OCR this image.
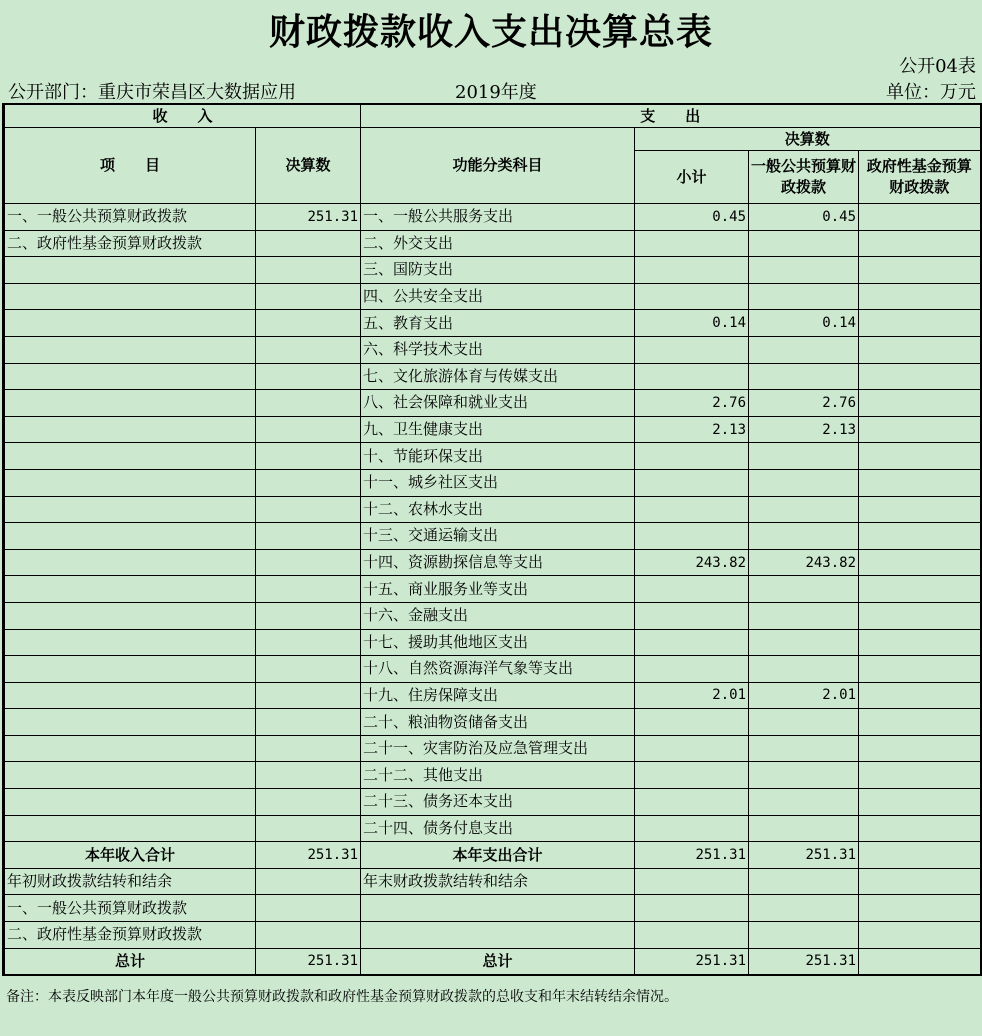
财政拨款收入支出决算总表
公开04表
公开部门：重庆市荣昌区大数据应用	2019年度	单位：万元
收　　入		支　　出			
项　　目	决算数	功能分类科目	决算数		
			小计	一般公共预算财政拨款	政府性基金预算财政拨款
一、一般公共预算财政拨款	251.31	一、一般公共服务支出	0.45	0.45	
二、政府性基金预算财政拨款		二、外交支出			
		三、国防支出			
		四、公共安全支出			
		五、教育支出	0.14	0.14	
		六、科学技术支出			
		七、文化旅游体育与传媒支出			
		八、社会保障和就业支出	2.76	2.76	
		九、卫生健康支出	2.13	2.13	
		十、节能环保支出			
		十一、城乡社区支出			
		十二、农林水支出			
		十三、交通运输支出			
		十四、资源勘探信息等支出	243.82	243.82	
		十五、商业服务业等支出			
		十六、金融支出			
		十七、援助其他地区支出			
		十八、自然资源海洋气象等支出			
		十九、住房保障支出	2.01	2.01	
		二十、粮油物资储备支出			
		二十一、灾害防治及应急管理支出			
		二十二、其他支出			
		二十三、债务还本支出			
		二十四、债务付息支出			
本年收入合计	251.31	本年支出合计	251.31	251.31	
年初财政拨款结转和结余		年末财政拨款结转和结余			
一、一般公共预算财政拨款					
二、政府性基金预算财政拨款					
总计	251.31	总计	251.31	251.31	
备注：本表反映部门本年度一般公共预算财政拨款和政府性基金预算财政拨款的总收支和年末结转结余情况。
